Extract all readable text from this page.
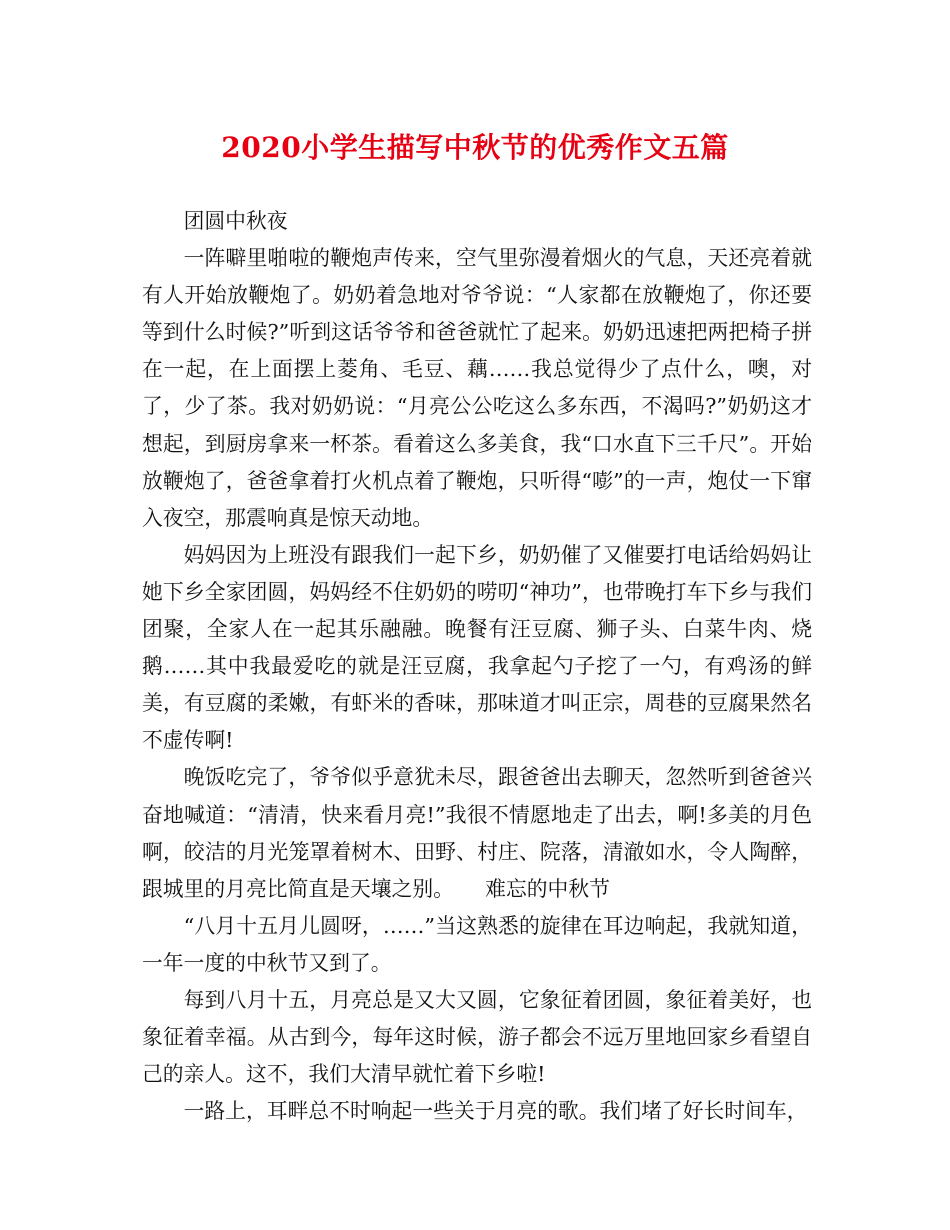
2020小学生描写中秋节的优秀作文五篇

团圆中秋夜

一阵噼里啪啦的鞭炮声传来，空气里弥漫着烟火的气息，天还亮着就有人开始放鞭炮了。奶奶着急地对爷爷说：“人家都在放鞭炮了，你还要等到什么时候?”听到这话爷爷和爸爸就忙了起来。奶奶迅速把两把椅子拼在一起，在上面摆上菱角、毛豆、藕……我总觉得少了点什么，噢，对了，少了茶。我对奶奶说：“月亮公公吃这么多东西，不渴吗?”奶奶这才想起，到厨房拿来一杯茶。看着这么多美食，我“口水直下三千尺”。开始放鞭炮了，爸爸拿着打火机点着了鞭炮，只听得“嘭”的一声，炮仗一下窜入夜空，那震响真是惊天动地。

妈妈因为上班没有跟我们一起下乡，奶奶催了又催要打电话给妈妈让她下乡全家团圆，妈妈经不住奶奶的唠叨“神功”，也带晚打车下乡与我们团聚，全家人在一起其乐融融。晚餐有汪豆腐、狮子头、白菜牛肉、烧鹅……其中我最爱吃的就是汪豆腐，我拿起勺子挖了一勺，有鸡汤的鲜美，有豆腐的柔嫩，有虾米的香味，那味道才叫正宗，周巷的豆腐果然名不虚传啊!

晚饭吃完了，爷爷似乎意犹未尽，跟爸爸出去聊天，忽然听到爸爸兴奋地喊道：“清清，快来看月亮!”我很不情愿地走了出去，啊!多美的月色啊，皎洁的月光笼罩着树木、田野、村庄、院落，清澈如水，令人陶醉，跟城里的月亮比简直是天壤之别。　　难忘的中秋节

“八月十五月儿圆呀，……”当这熟悉的旋律在耳边响起，我就知道，一年一度的中秋节又到了。

每到八月十五，月亮总是又大又圆，它象征着团圆，象征着美好，也象征着幸福。从古到今，每年这时候，游子都会不远万里地回家乡看望自己的亲人。这不，我们大清早就忙着下乡啦!

一路上，耳畔总不时响起一些关于月亮的歌。我们堵了好长时间车，
